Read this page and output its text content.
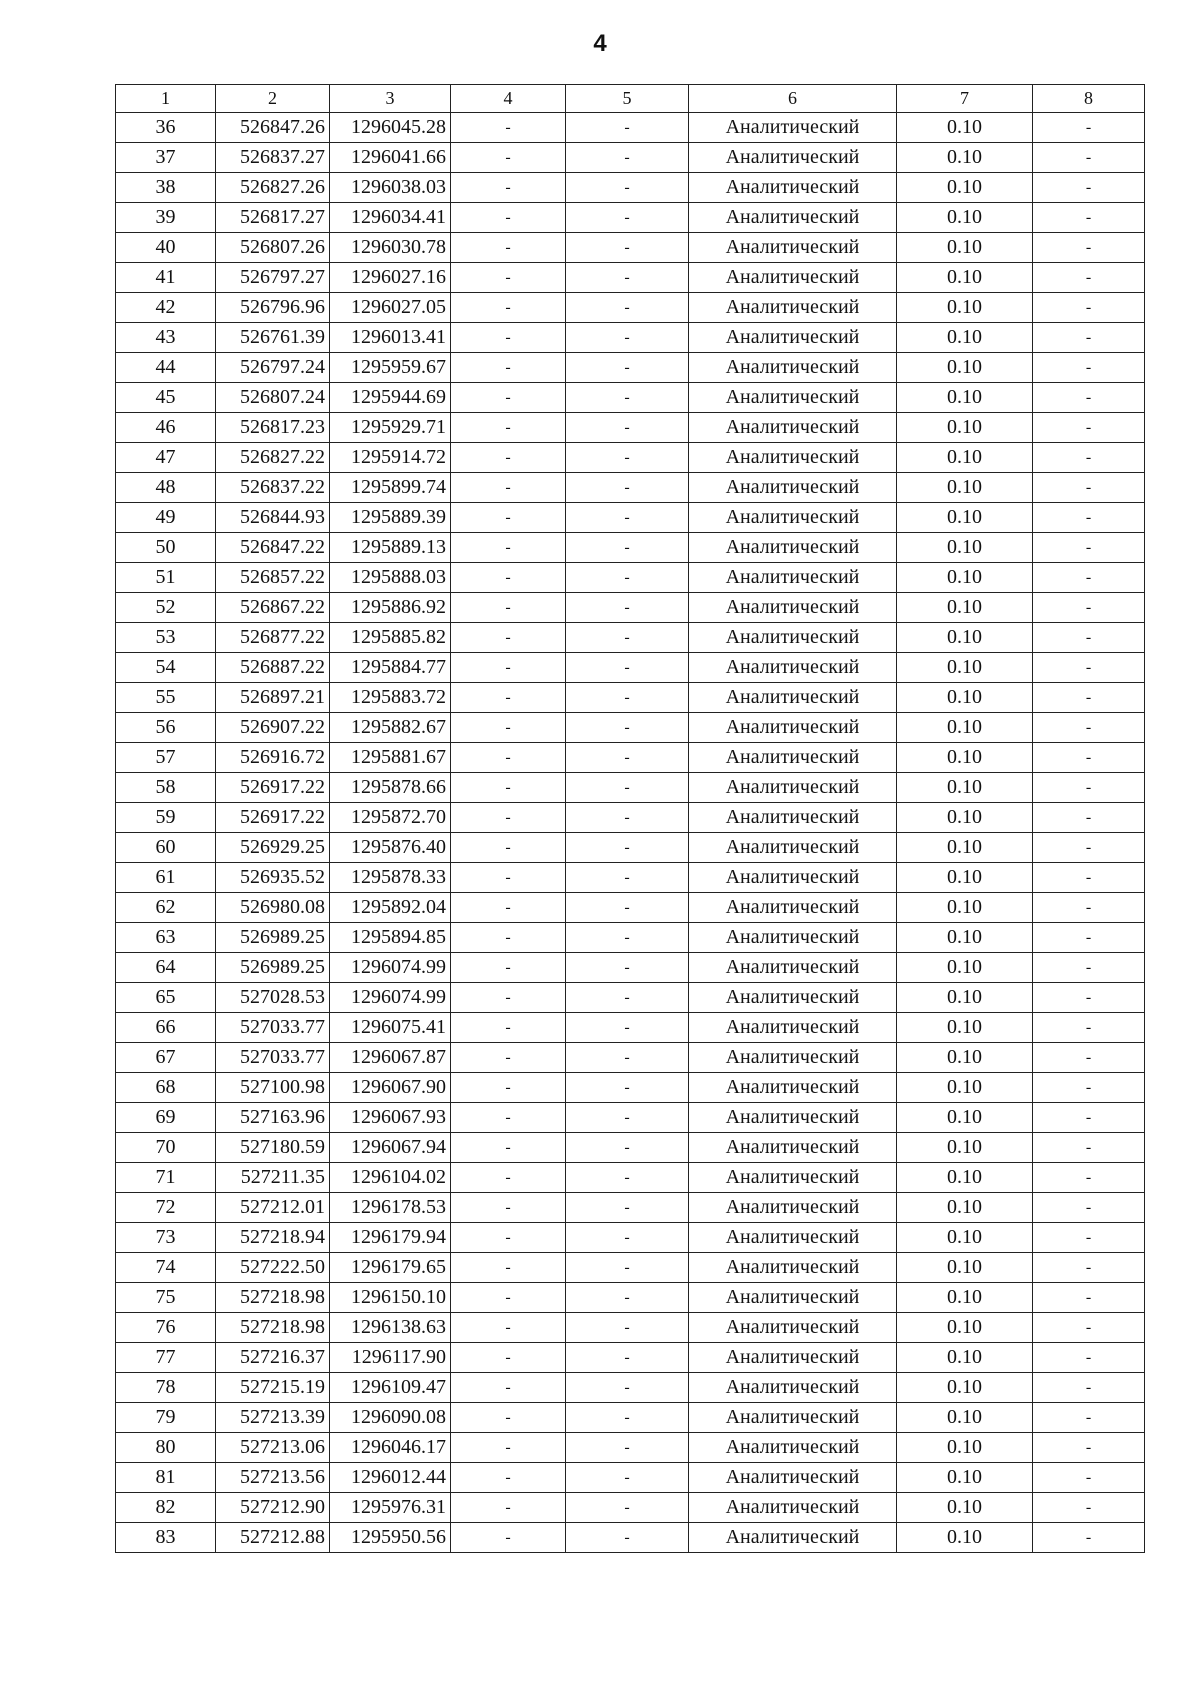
4
1	2	3	4	5	6	7	8
36	526847.26	1296045.28	-	-	Аналитический	0.10	-
37	526837.27	1296041.66	-	-	Аналитический	0.10	-
38	526827.26	1296038.03	-	-	Аналитический	0.10	-
39	526817.27	1296034.41	-	-	Аналитический	0.10	-
40	526807.26	1296030.78	-	-	Аналитический	0.10	-
41	526797.27	1296027.16	-	-	Аналитический	0.10	-
42	526796.96	1296027.05	-	-	Аналитический	0.10	-
43	526761.39	1296013.41	-	-	Аналитический	0.10	-
44	526797.24	1295959.67	-	-	Аналитический	0.10	-
45	526807.24	1295944.69	-	-	Аналитический	0.10	-
46	526817.23	1295929.71	-	-	Аналитический	0.10	-
47	526827.22	1295914.72	-	-	Аналитический	0.10	-
48	526837.22	1295899.74	-	-	Аналитический	0.10	-
49	526844.93	1295889.39	-	-	Аналитический	0.10	-
50	526847.22	1295889.13	-	-	Аналитический	0.10	-
51	526857.22	1295888.03	-	-	Аналитический	0.10	-
52	526867.22	1295886.92	-	-	Аналитический	0.10	-
53	526877.22	1295885.82	-	-	Аналитический	0.10	-
54	526887.22	1295884.77	-	-	Аналитический	0.10	-
55	526897.21	1295883.72	-	-	Аналитический	0.10	-
56	526907.22	1295882.67	-	-	Аналитический	0.10	-
57	526916.72	1295881.67	-	-	Аналитический	0.10	-
58	526917.22	1295878.66	-	-	Аналитический	0.10	-
59	526917.22	1295872.70	-	-	Аналитический	0.10	-
60	526929.25	1295876.40	-	-	Аналитический	0.10	-
61	526935.52	1295878.33	-	-	Аналитический	0.10	-
62	526980.08	1295892.04	-	-	Аналитический	0.10	-
63	526989.25	1295894.85	-	-	Аналитический	0.10	-
64	526989.25	1296074.99	-	-	Аналитический	0.10	-
65	527028.53	1296074.99	-	-	Аналитический	0.10	-
66	527033.77	1296075.41	-	-	Аналитический	0.10	-
67	527033.77	1296067.87	-	-	Аналитический	0.10	-
68	527100.98	1296067.90	-	-	Аналитический	0.10	-
69	527163.96	1296067.93	-	-	Аналитический	0.10	-
70	527180.59	1296067.94	-	-	Аналитический	0.10	-
71	527211.35	1296104.02	-	-	Аналитический	0.10	-
72	527212.01	1296178.53	-	-	Аналитический	0.10	-
73	527218.94	1296179.94	-	-	Аналитический	0.10	-
74	527222.50	1296179.65	-	-	Аналитический	0.10	-
75	527218.98	1296150.10	-	-	Аналитический	0.10	-
76	527218.98	1296138.63	-	-	Аналитический	0.10	-
77	527216.37	1296117.90	-	-	Аналитический	0.10	-
78	527215.19	1296109.47	-	-	Аналитический	0.10	-
79	527213.39	1296090.08	-	-	Аналитический	0.10	-
80	527213.06	1296046.17	-	-	Аналитический	0.10	-
81	527213.56	1296012.44	-	-	Аналитический	0.10	-
82	527212.90	1295976.31	-	-	Аналитический	0.10	-
83	527212.88	1295950.56	-	-	Аналитический	0.10	-
